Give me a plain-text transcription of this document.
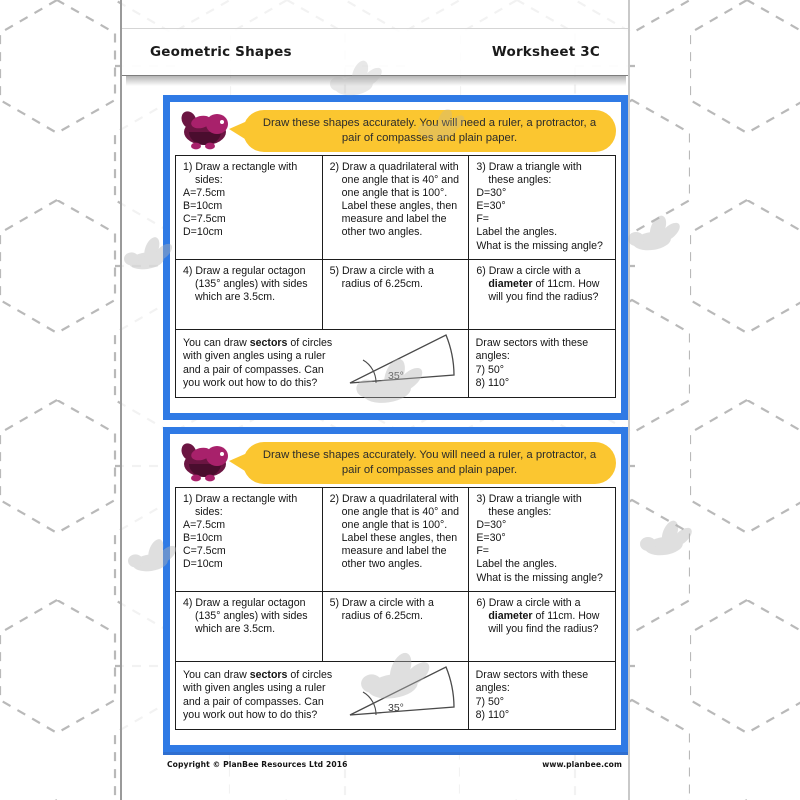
Geometric Shapes	Worksheet 3C
Draw these shapes accurately. You will need a ruler, a protractor, a pair of compasses and plain paper.
1) Draw a rectangle with
sides:
A=7.5cm
B=10cm
C=7.5cm
D=10cm
2) Draw a quadrilateral with one angle that is 40° and one angle that is 100°. Label these angles, then measure and label the other two angles.
3) Draw a triangle with
these angles:
D=30°
E=30°
F=
Label the angles.
What is the missing angle?
4) Draw a regular octagon (135° angles) with sides which are 3.5cm.
5) Draw a circle with a radius of 6.25cm.
6) Draw a circle with a
diameter of 11cm. How will you find the radius?
You can draw sectors of circles with given angles using a ruler and a pair of compasses. Can you work out how to do this?
35°
Draw sectors with these angles:
7) 50°
8) 110°
Draw these shapes accurately. You will need a ruler, a protractor, a pair of compasses and plain paper.
1) Draw a rectangle with
sides:
A=7.5cm
B=10cm
C=7.5cm
D=10cm
2) Draw a quadrilateral with one angle that is 40° and one angle that is 100°. Label these angles, then measure and label the other two angles.
3) Draw a triangle with
these angles:
D=30°
E=30°
F=
Label the angles.
What is the missing angle?
4) Draw a regular octagon (135° angles) with sides which are 3.5cm.
5) Draw a circle with a radius of 6.25cm.
6) Draw a circle with a
diameter of 11cm. How will you find the radius?
You can draw sectors of circles with given angles using a ruler and a pair of compasses. Can you work out how to do this?
35°
Draw sectors with these angles:
7) 50°
8) 110°
Copyright © PlanBee Resources Ltd 2016	www.planbee.com
